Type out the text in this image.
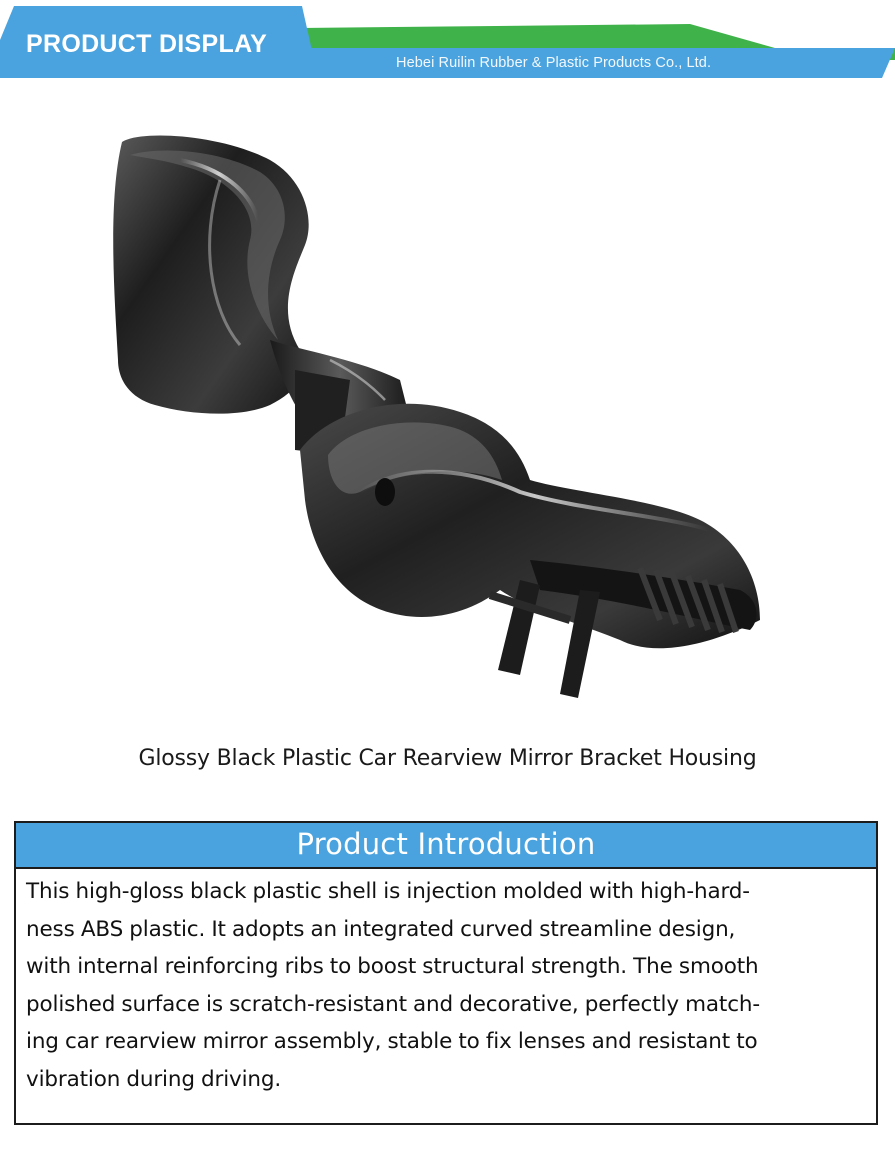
PRODUCT DISPLAY
Hebei Ruilin Rubber & Plastic Products Co., Ltd.
Glossy Black Plastic Car Rearview Mirror Bracket Housing
Product Introduction
This high-gloss black plastic shell is injection molded with high-hard-
ness ABS plastic. It adopts an integrated curved streamline design,
with internal reinforcing ribs to boost structural strength. The smooth
polished surface is scratch-resistant and decorative, perfectly match-
ing car rearview mirror assembly, stable to fix lenses and resistant to
vibration during driving.
